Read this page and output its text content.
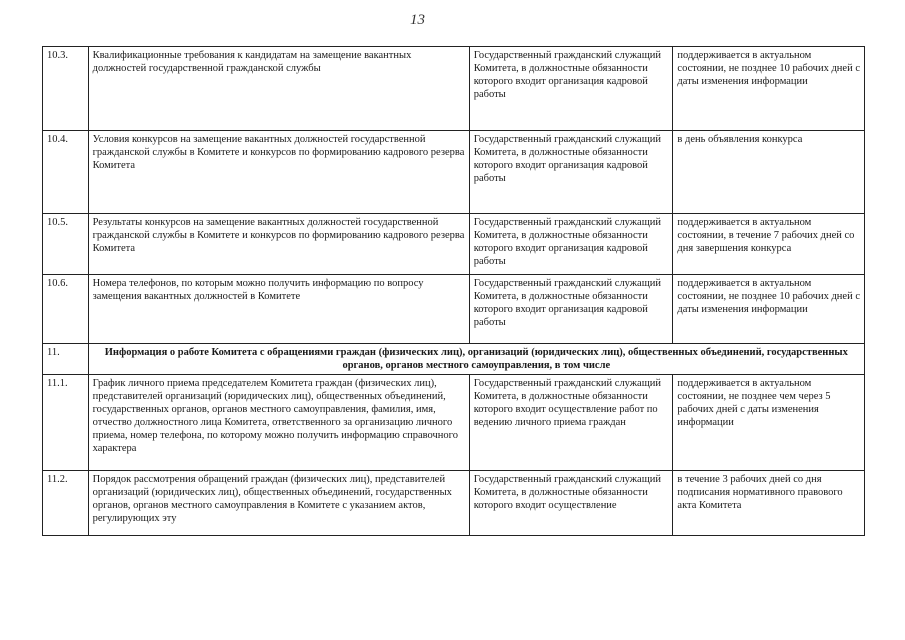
13
10.3.	Квалификационные требования к кандидатам на замещение вакантных должностей государственной гражданской службы	Государственный гражданский служащий Комитета, в должностные обязанности которого входит организация кадровой работы	поддерживается в актуальном состоянии, не позднее 10 рабочих дней с даты изменения информации
10.4.	Условия конкурсов на замещение вакантных должностей государственной гражданской службы в Комитете и конкурсов по формированию кадрового резерва Комитета	Государственный гражданский служащий Комитета, в должностные обязанности которого входит организация кадровой работы	в день объявления конкурса
10.5.	Результаты конкурсов на замещение вакантных должностей государственной гражданской службы в Комитете и конкурсов по формированию кадрового резерва Комитета	Государственный гражданский служащий Комитета, в должностные обязанности которого входит организация кадровой работы	поддерживается в актуальном состоянии, в течение 7 рабочих дней со дня завершения конкурса
10.6.	Номера телефонов, по которым можно получить информацию по вопросу замещения вакантных должностей в Комитете	Государственный гражданский служащий Комитета, в должностные обязанности которого входит организация кадровой работы	поддерживается в актуальном состоянии, не позднее 10 рабочих дней с даты изменения информации
11.	Информация о работе Комитета с обращениями граждан (физических лиц), организаций (юридических лиц), общественных объединений, государственных органов, органов местного самоуправления, в том числе		
11.1.	График личного приема председателем Комитета граждан (физических лиц), представителей организаций (юридических лиц), общественных объединений, государственных органов, органов местного самоуправления, фамилия, имя, отчество должностного лица Комитета, ответственного за организацию личного приема, номер телефона, по которому можно получить информацию справочного характера	Государственный гражданский служащий Комитета, в должностные обязанности которого входит осуществление работ по ведению личного приема граждан	поддерживается в актуальном состоянии, не позднее чем через 5 рабочих дней с даты изменения информации
11.2.	Порядок рассмотрения обращений граждан (физических лиц), представителей организаций (юридических лиц), общественных объединений, государственных органов, органов местного самоуправления в Комитете с указанием актов, регулирующих эту	Государственный гражданский служащий Комитета, в должностные обязанности которого входит осуществление	в течение 3 рабочих дней со дня подписания нормативного правового акта Комитета
